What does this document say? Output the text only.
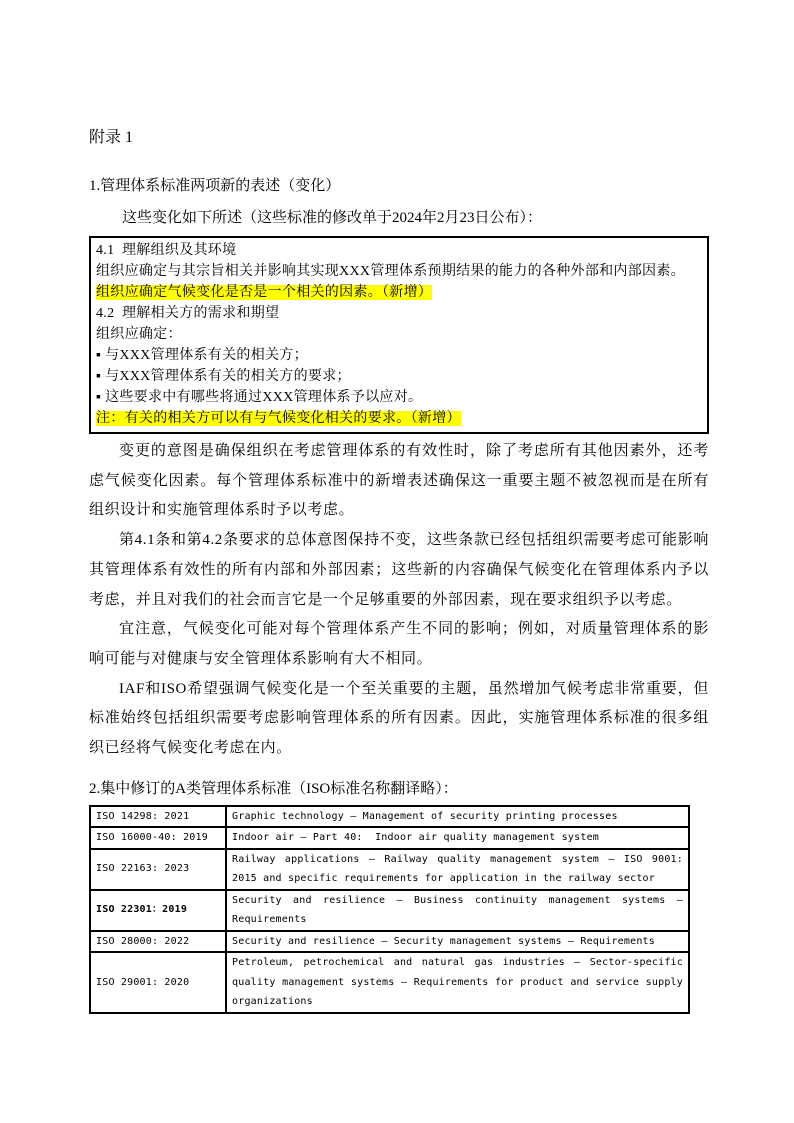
附录 1
1.管理体系标准两项新的表述（变化）
这些变化如下所述（这些标准的修改单于2024年2月23日公布）：
4.1  理解组织及其环境
组织应确定与其宗旨相关并影响其实现XXX管理体系预期结果的能力的各种外部和内部因素。
组织应确定气候变化是否是一个相关的因素。（新增）
4.2  理解相关方的需求和期望
组织应确定：
▪ 与XXX管理体系有关的相关方；
▪ 与XXX管理体系有关的相关方的要求；
▪ 这些要求中有哪些将通过XXX管理体系予以应对。
注：有关的相关方可以有与气候变化相关的要求。（新增）

变更的意图是确保组织在考虑管理体系的有效性时，除了考虑所有其他因素外，还考虑气候变化因素。每个管理体系标准中的新增表述确保这一重要主题不被忽视而是在所有组织设计和实施管理体系时予以考虑。

第4.1条和第4.2条要求的总体意图保持不变，这些条款已经包括组织需要考虑可能影响其管理体系有效性的所有内部和外部因素；这些新的内容确保气候变化在管理体系内予以考虑，并且对我们的社会而言它是一个足够重要的外部因素，现在要求组织予以考虑。

宜注意，气候变化可能对每个管理体系产生不同的影响；例如，对质量管理体系的影响可能与对健康与安全管理体系影响有大不相同。

IAF和ISO希望强调气候变化是一个至关重要的主题，虽然增加气候考虑非常重要，但标准始终包括组织需要考虑影响管理体系的所有因素。因此，实施管理体系标准的很多组织已经将气候变化考虑在内。

2.集中修订的A类管理体系标准（ISO标准名称翻译略）：
ISO 14298: 2021	Graphic technology — Management of security printing processes
ISO 16000-40: 2019	Indoor air — Part 40:  Indoor air quality management system
ISO 22163: 2023	Railway applications — Railway quality management system — ISO 9001: 2015 and specific requirements for application in the railway sector
ISO 22301：2019	Security and resilience — Business continuity management systems — Requirements
ISO 28000: 2022	Security and resilience — Security management systems — Requirements
ISO 29001: 2020	Petroleum, petrochemical and natural gas industries — Sector-specific quality management systems — Requirements for product and service supply organizations
